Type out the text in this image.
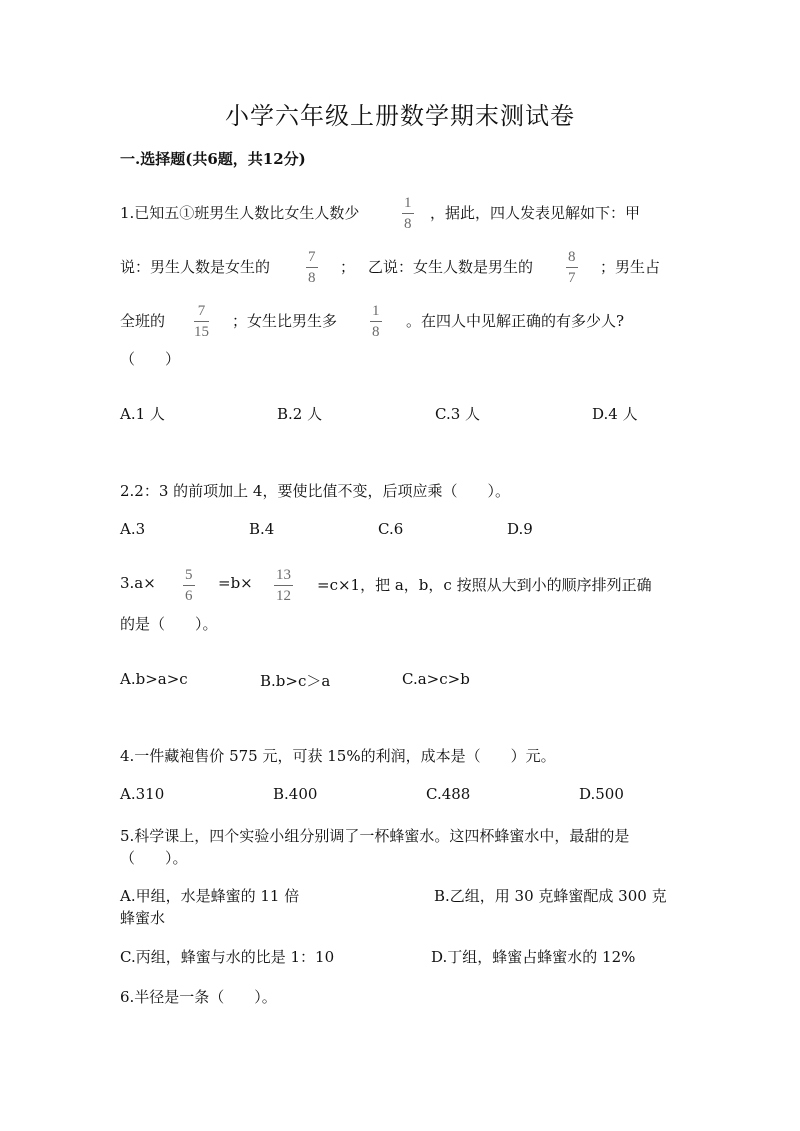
小学六年级上册数学期末测试卷
一.选择题(共6题，共12分)
1.已知五①班男生人数比女生人数少
1
8
，据此，四人发表见解如下：甲
说：男生人数是女生的
7
8
； 乙说：女生人数是男生的
8
7
；男生占
全班的
7
15
；女生比男生多
1
8
。在四人中见解正确的有多少人?
（　　）
A.1 人	B.2 人	C.3 人	D.4 人
2.2：3 的前项加上 4，要使比值不变，后项应乘（　　）。
A.3	B.4	C.6	D.9
3.a× 5
6
=b× 13
12
=c×1，把 a，b，c 按照从大到小的顺序排列正确
的是（　　）。
A.b>a>c	B.b>c＞a	C.a>c>b
4.一件藏袍售价 575 元，可获 15%的利润，成本是（　　）元。
A.310	B.400	C.488	D.500
5.科学课上，四个实验小组分别调了一杯蜂蜜水。这四杯蜂蜜水中，最甜的是
（　　）。
A.甲组，水是蜂蜜的 11 倍	B.乙组，用 30 克蜂蜜配成 300 克
蜂蜜水
C.丙组，蜂蜜与水的比是 1：10	D.丁组，蜂蜜占蜂蜜水的 12%
6.半径是一条（　　）。
